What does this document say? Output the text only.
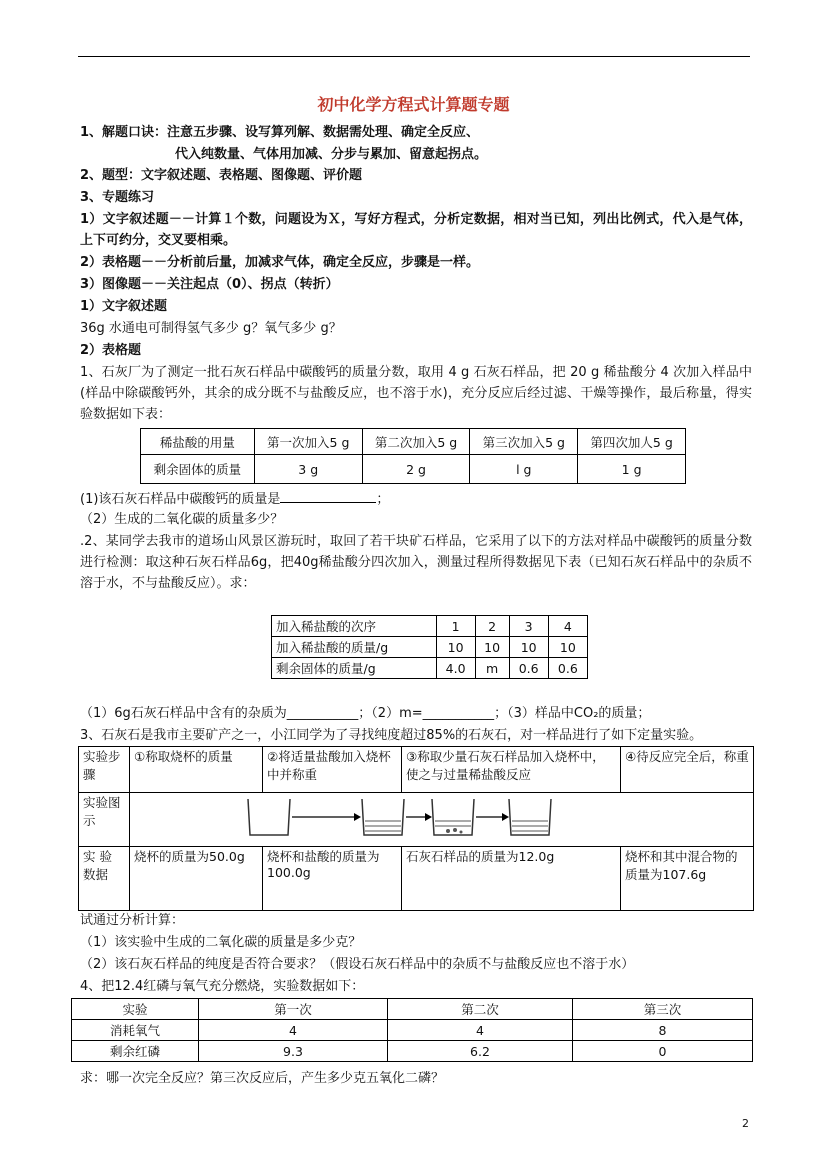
初中化学方程式计算题专题
1、解题口诀：注意五步骤、设写算列解、数据需处理、确定全反应、
代入纯数量、气体用加减、分步与累加、留意起拐点。
2、题型：文字叙述题、表格题、图像题、评价题
3、专题练习
1）文字叙述题－－计算１个数，问题设为Ｘ，写好方程式，分析定数据，相对当已知，列出比例式，代入是气体，上下可约分，交叉要相乘。
2）表格题－－分析前后量，加减求气体，确定全反应，步骤是一样。
3）图像题－－关注起点（0）、拐点（转折）
1）文字叙述题
36g 水通电可制得氢气多少 g？氧气多少 g？
2）表格题
1、石灰厂为了测定一批石灰石样品中碳酸钙的质量分数，取用 4 g 石灰石样品，把 20 g 稀盐酸分 4 次加入样品中(样品中除碳酸钙外，其余的成分既不与盐酸反应，也不溶于水)，充分反应后经过滤、干燥等操作，最后称量，得实验数据如下表：
稀盐酸的用量	第一次加入5 g	第二次加入5 g	第三次加入5 g	第四次加人5 g
剩余固体的质量	3 g	2 g	l g	1 g
(1)该石灰石样品中碳酸钙的质量是	；
（2）生成的二氧化碳的质量多少？
.2、某同学去我市的道场山风景区游玩时，取回了若干块矿石样品，它采用了以下的方法对样品中碳酸钙的质量分数进行检测：取这种石灰石样品6g，把40g稀盐酸分四次加入，测量过程所得数据见下表（已知石灰石样品中的杂质不溶于水，不与盐酸反应）。求：
加入稀盐酸的次序	1	2	3	4
加入稀盐酸的质量/g	10	10	10	10
剩余固体的质量/g	4.0	m	0.6	0.6
（1）6g石灰石样品中含有的杂质为___________；（2）m=___________；（3）样品中CO₂的质量；
3、石灰石是我市主要矿产之一，小江同学为了寻找纯度超过85%的石灰石，对一样品进行了如下定量实验。
实验步骤	①称取烧杯的质量	②将适量盐酸加入烧杯中并称重	③称取少量石灰石样品加入烧杯中，使之与过量稀盐酸反应	④待反应完全后，称重
实验图示	
实 验 数据	烧杯的质量为50.0g	烧杯和盐酸的质量为100.0g	石灰石样品的质量为12.0g	烧杯和其中混合物的质量为107.6g
试通过分析计算：
（1）该实验中生成的二氧化碳的质量是多少克？
（2）该石灰石样品的纯度是否符合要求？（假设石灰石样品中的杂质不与盐酸反应也不溶于水）
4、把12.4红磷与氧气充分燃烧，实验数据如下：
实验	第一次	第二次	第三次
消耗氧气	4	4	8
剩余红磷	9.3	6.2	0
求：哪一次完全反应？第三次反应后，产生多少克五氧化二磷？
2
